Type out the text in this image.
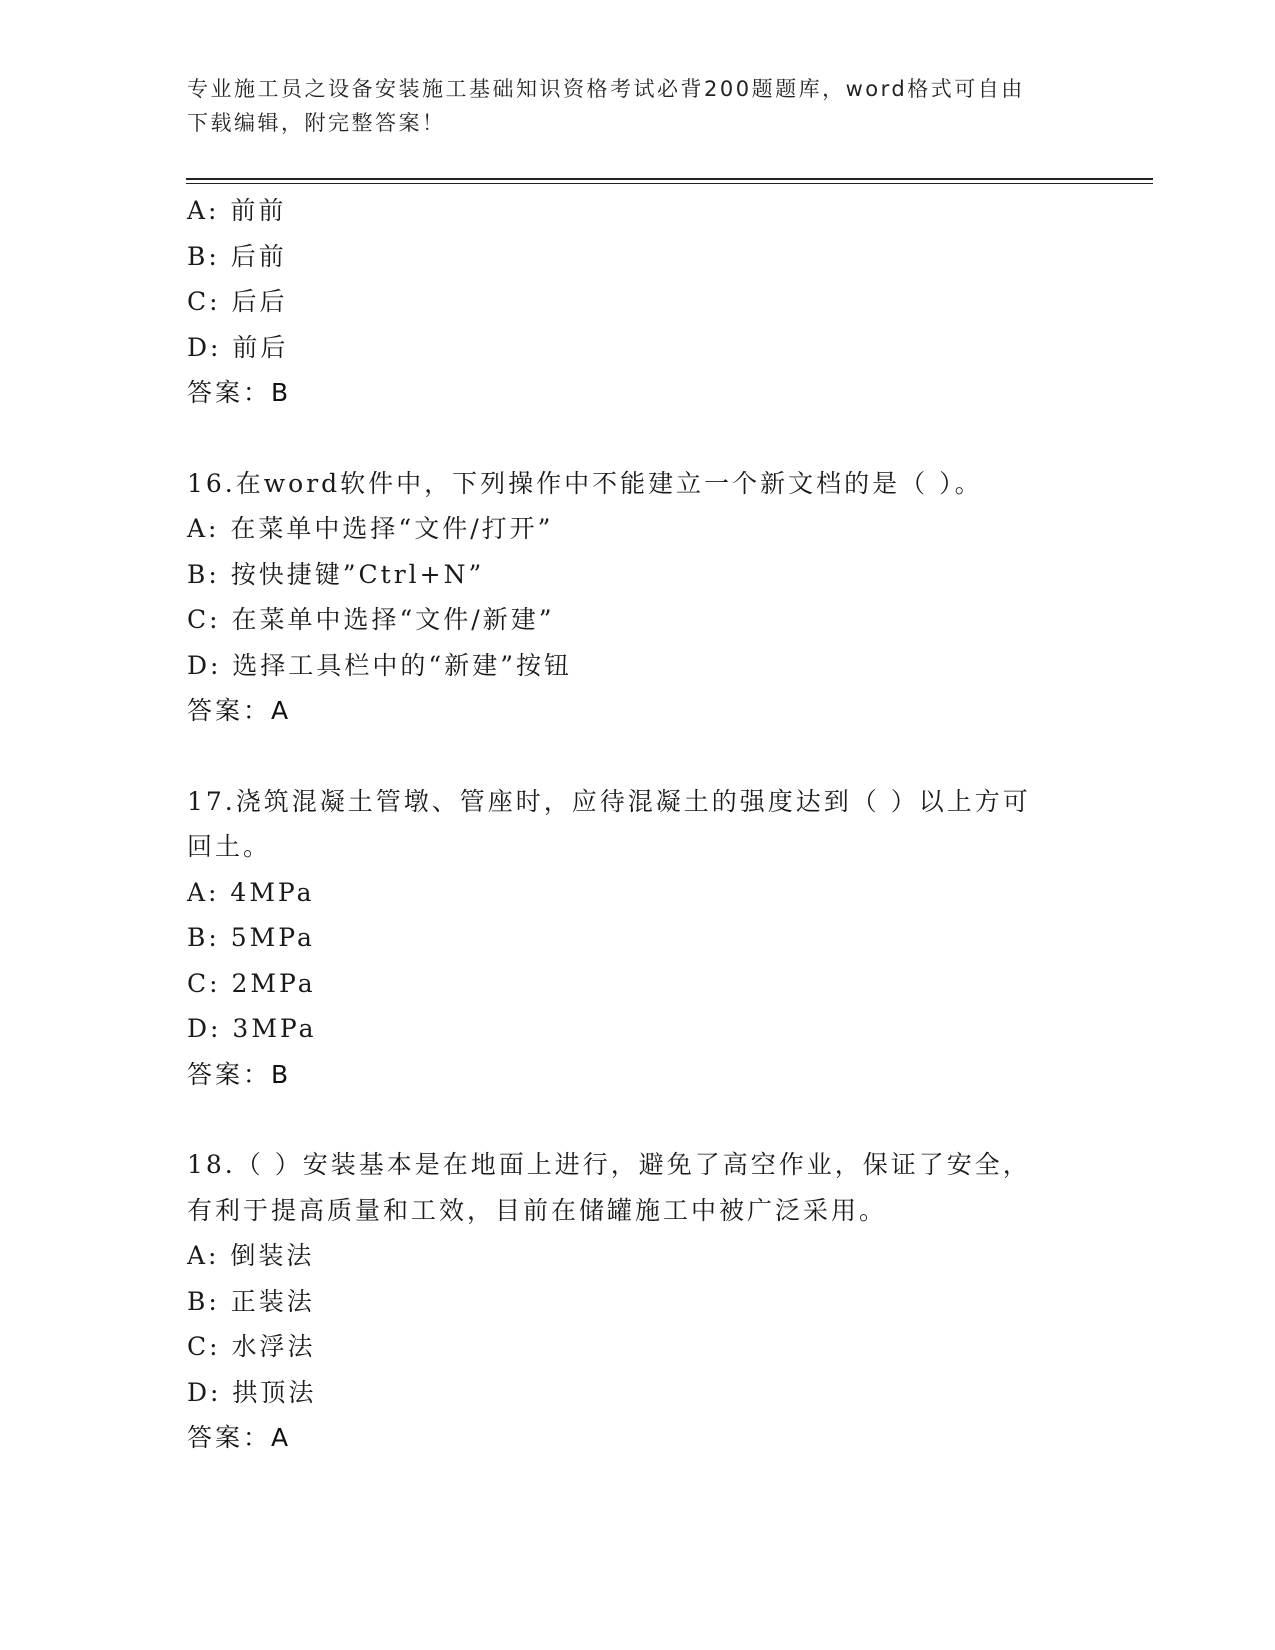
专业施工员之设备安装施工基础知识资格考试必背200题题库，word格式可自由
下载编辑，附完整答案！
A: 前前
B: 后前
C: 后后
D: 前后
答案：B
16.在word软件中，下列操作中不能建立一个新文档的是（ ）。
A: 在菜单中选择“文件/打开”
B: 按快捷键”Ctrl+N”
C: 在菜单中选择“文件/新建”
D: 选择工具栏中的“新建”按钮
答案：A
17.浇筑混凝土管墩、管座时，应待混凝土的强度达到（ ）以上方可
回土。
A: 4MPa
B: 5MPa
C: 2MPa
D: 3MPa
答案：B
18.（ ）安装基本是在地面上进行，避免了高空作业，保证了安全，
有利于提高质量和工效，目前在储罐施工中被广泛采用。
A: 倒装法
B: 正装法
C: 水浮法
D: 拱顶法
答案：A
